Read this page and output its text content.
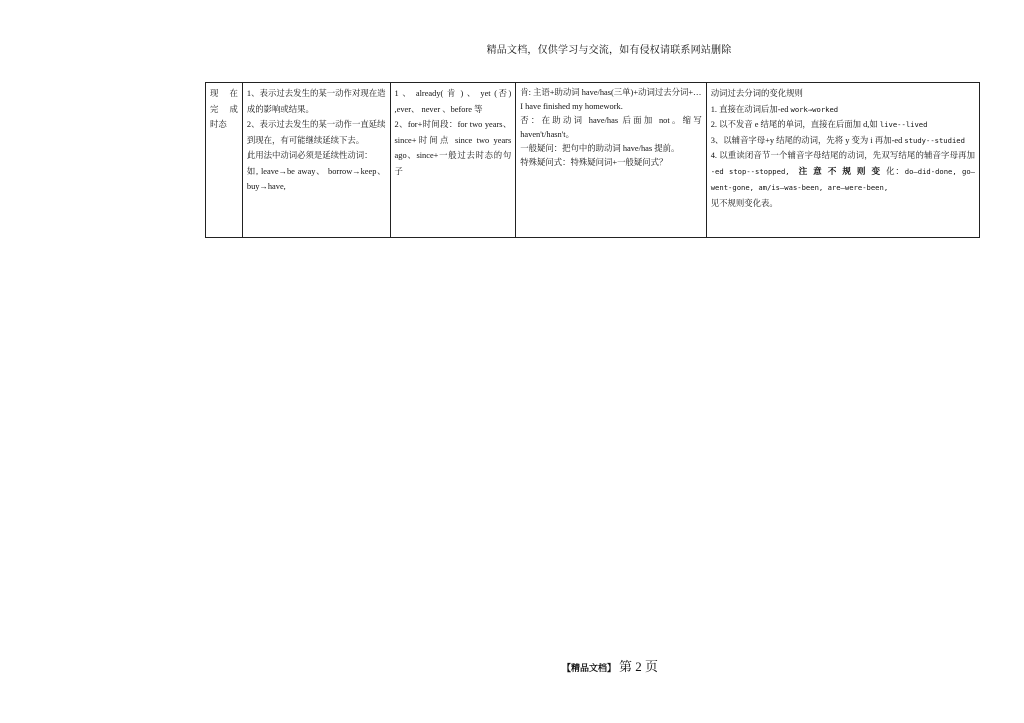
精品文档，仅供学习与交流，如有侵权请联系网站删除
现　在
完　成
时态
1、表示过去发生的某一动作对现在造成的影响或结果。
2、表示过去发生的某一动作一直延续到现在，有可能继续延续下去。
此用法中动词必须是延续性动词：
如, leave→be away、 borrow→keep、buy→have,
1 、 already( 肯 ) 、 yet (否) ,ever、 never 、before 等
2、for+时间段：for two years、since+时间点 since two years ago、since+一般过去时态的句子
肯: 主语+助动词 have/has(三单)+动词过去分词+…
I have finished my homework.
否：在助动词 have/has 后面加 not。缩写 haven't/hasn't。
一般疑问：把句中的助动词 have/has 提前。
特殊疑问式：特殊疑问词+一般疑问式？
动词过去分词的变化规则
1. 直接在动词后加-ed work→worked
2. 以不发音 e 结尾的单词，直接在后面加 d,如 live--lived
3、以辅音字母+y 结尾的动词，先将 y 变为 i 再加-ed study--studied
4. 以重读闭音节一个辅音字母结尾的动词，先双写结尾的辅音字母再加 -ed stop--stopped, 注意不规则变化：do—did-done, go—went-gone, am/is—was-been, are—were-been,
见不规则变化表。
【精品文档】 第 2 页
